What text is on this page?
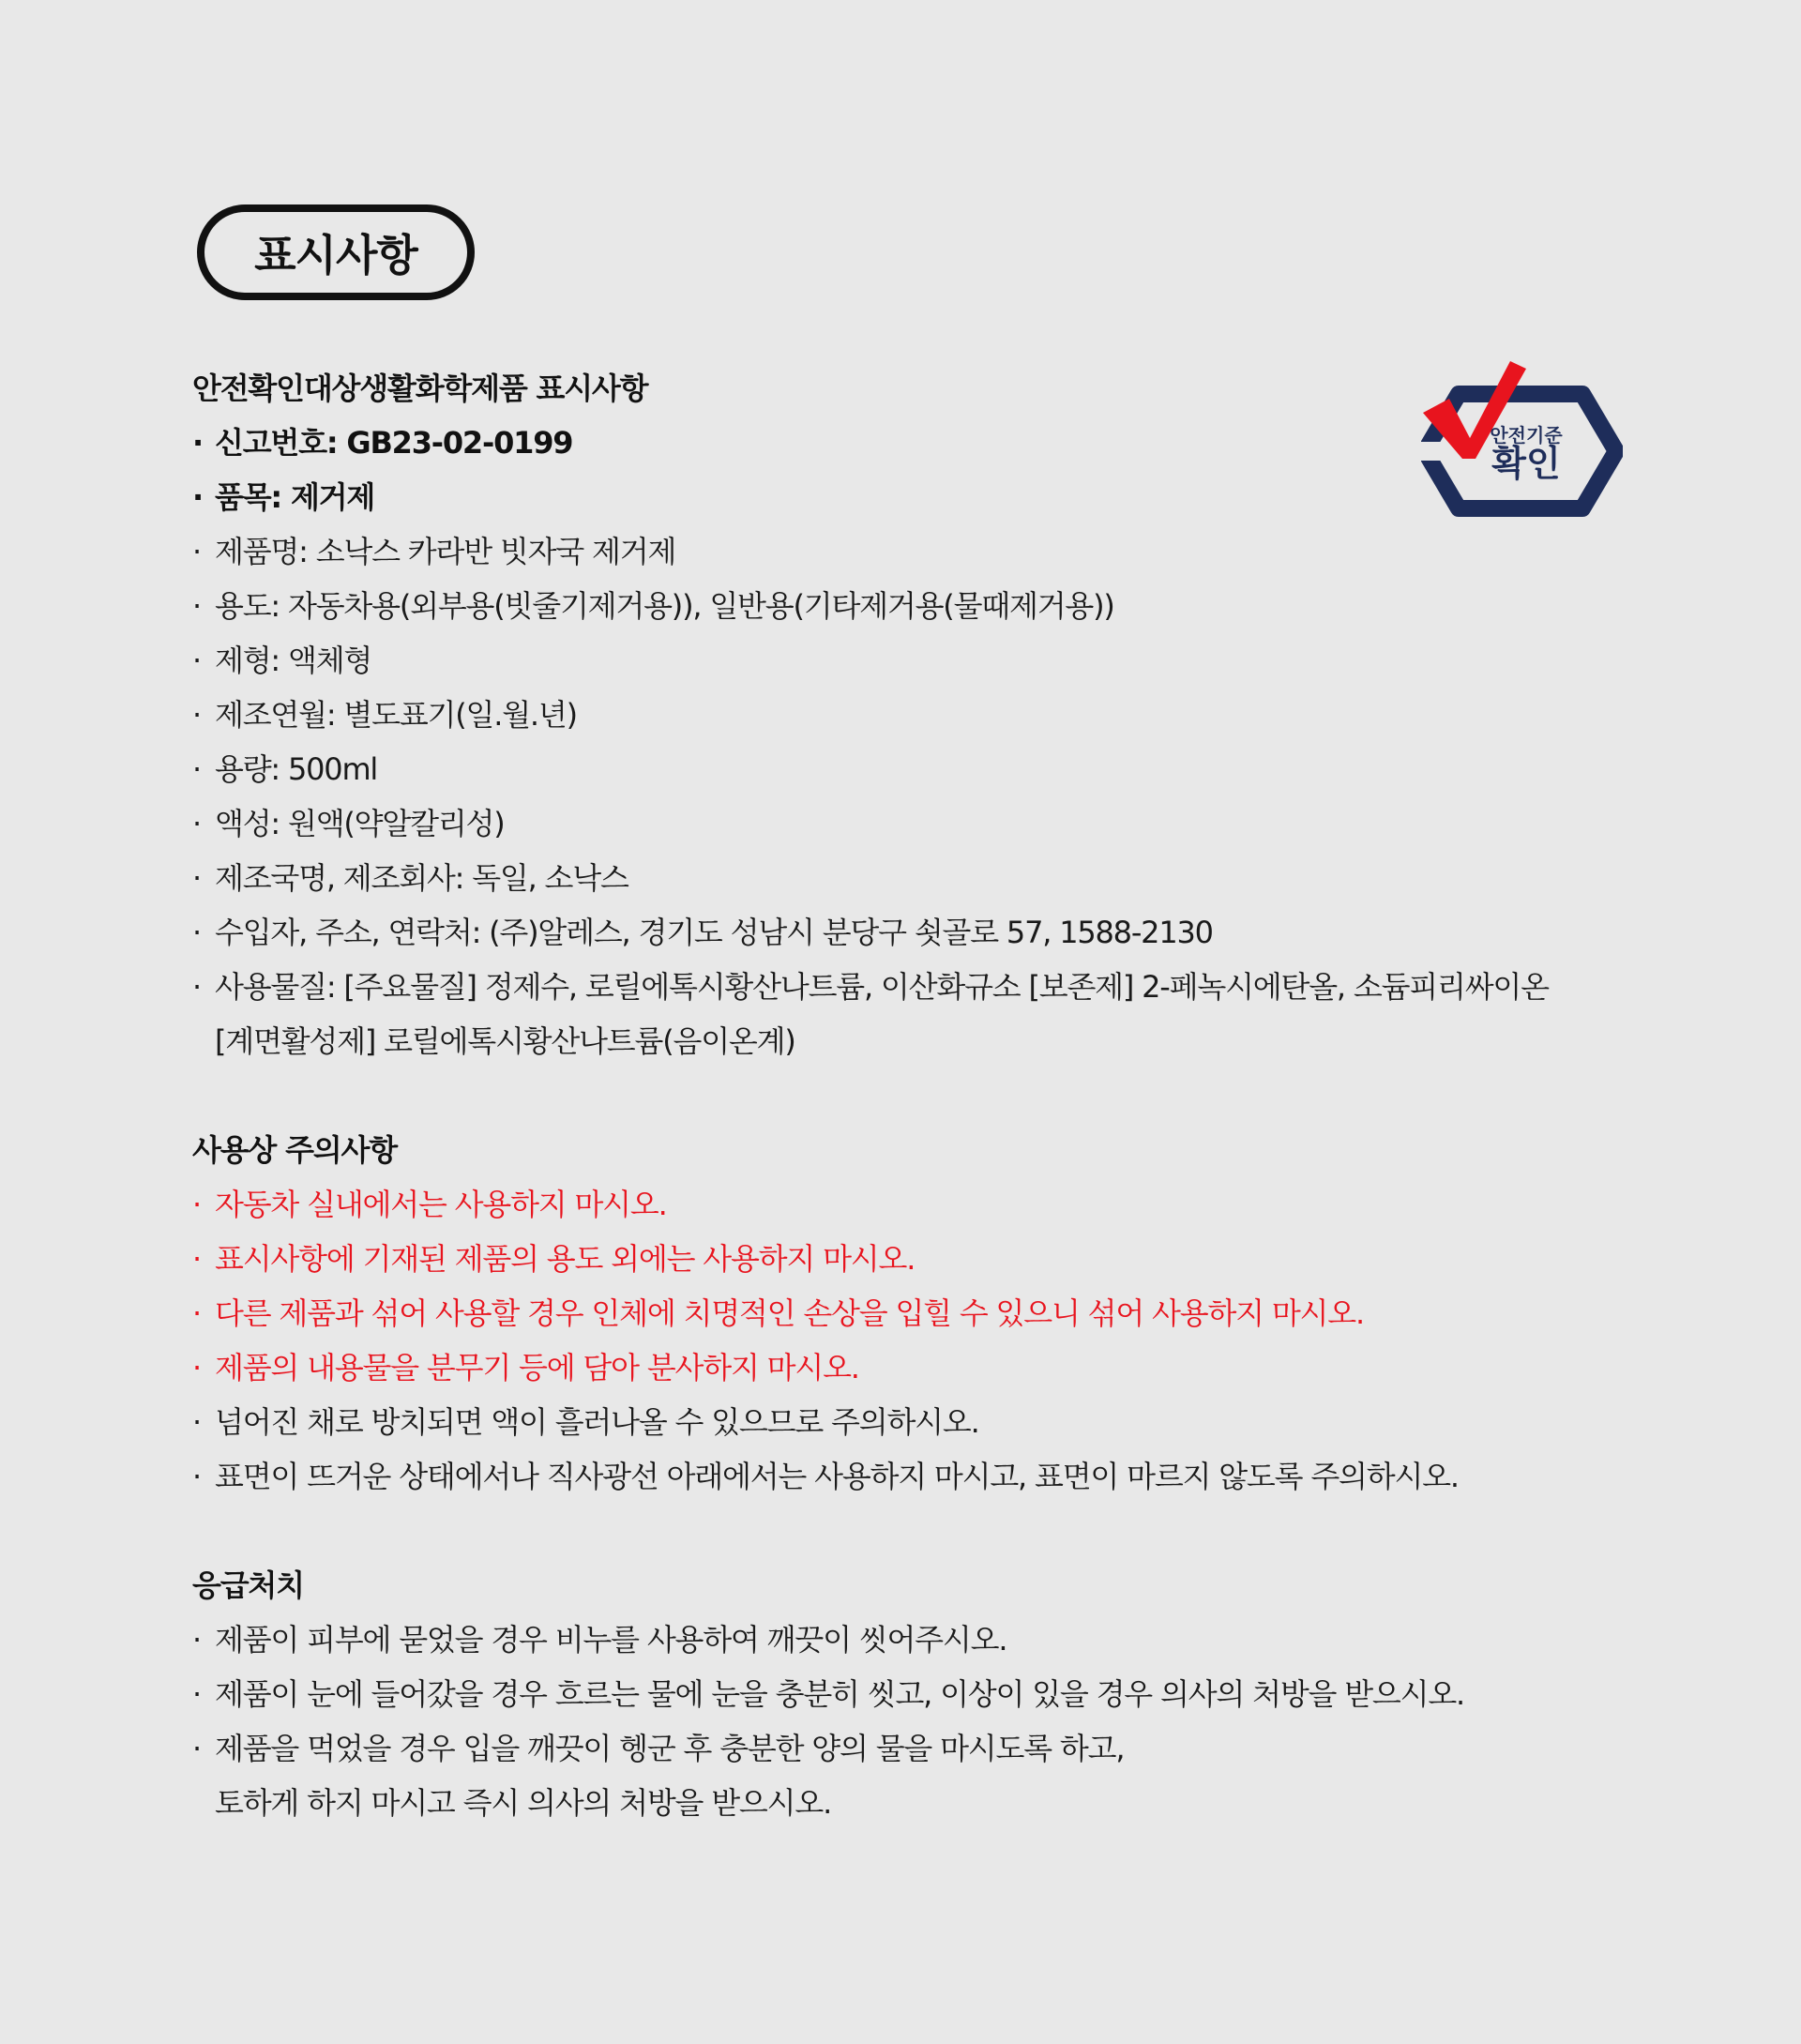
표시사항
안전기준
확인
안전확인대상생활화학제품 표시사항
· 신고번호: GB23-02-0199
· 품목: 제거제
· 제품명: 소낙스 카라반 빗자국 제거제
· 용도: 자동차용(외부용(빗줄기제거용)), 일반용(기타제거용(물때제거용))
· 제형: 액체형
· 제조연월: 별도표기(일.월.년)
· 용량: 500ml
· 액성: 원액(약알칼리성)
· 제조국명, 제조회사: 독일, 소낙스
· 수입자, 주소, 연락처: (주)알레스, 경기도 성남시 분당구 쇳골로 57, 1588-2130
· 사용물질: [주요물질] 정제수, 로릴에톡시황산나트륨, 이산화규소 [보존제] 2-페녹시에탄올, 소듐피리싸이온
[계면활성제] 로릴에톡시황산나트륨(음이온계)
사용상 주의사항
· 자동차 실내에서는 사용하지 마시오.
· 표시사항에 기재된 제품의 용도 외에는 사용하지 마시오.
· 다른 제품과 섞어 사용할 경우 인체에 치명적인 손상을 입힐 수 있으니 섞어 사용하지 마시오.
· 제품의 내용물을 분무기 등에 담아 분사하지 마시오.
· 넘어진 채로 방치되면 액이 흘러나올 수 있으므로 주의하시오.
· 표면이 뜨거운 상태에서나 직사광선 아래에서는 사용하지 마시고, 표면이 마르지 않도록 주의하시오.
응급처치
· 제품이 피부에 묻었을 경우 비누를 사용하여 깨끗이 씻어주시오.
· 제품이 눈에 들어갔을 경우 흐르는 물에 눈을 충분히 씻고, 이상이 있을 경우 의사의 처방을 받으시오.
· 제품을 먹었을 경우 입을 깨끗이 헹군 후 충분한 양의 물을 마시도록 하고,
토하게 하지 마시고 즉시 의사의 처방을 받으시오.
